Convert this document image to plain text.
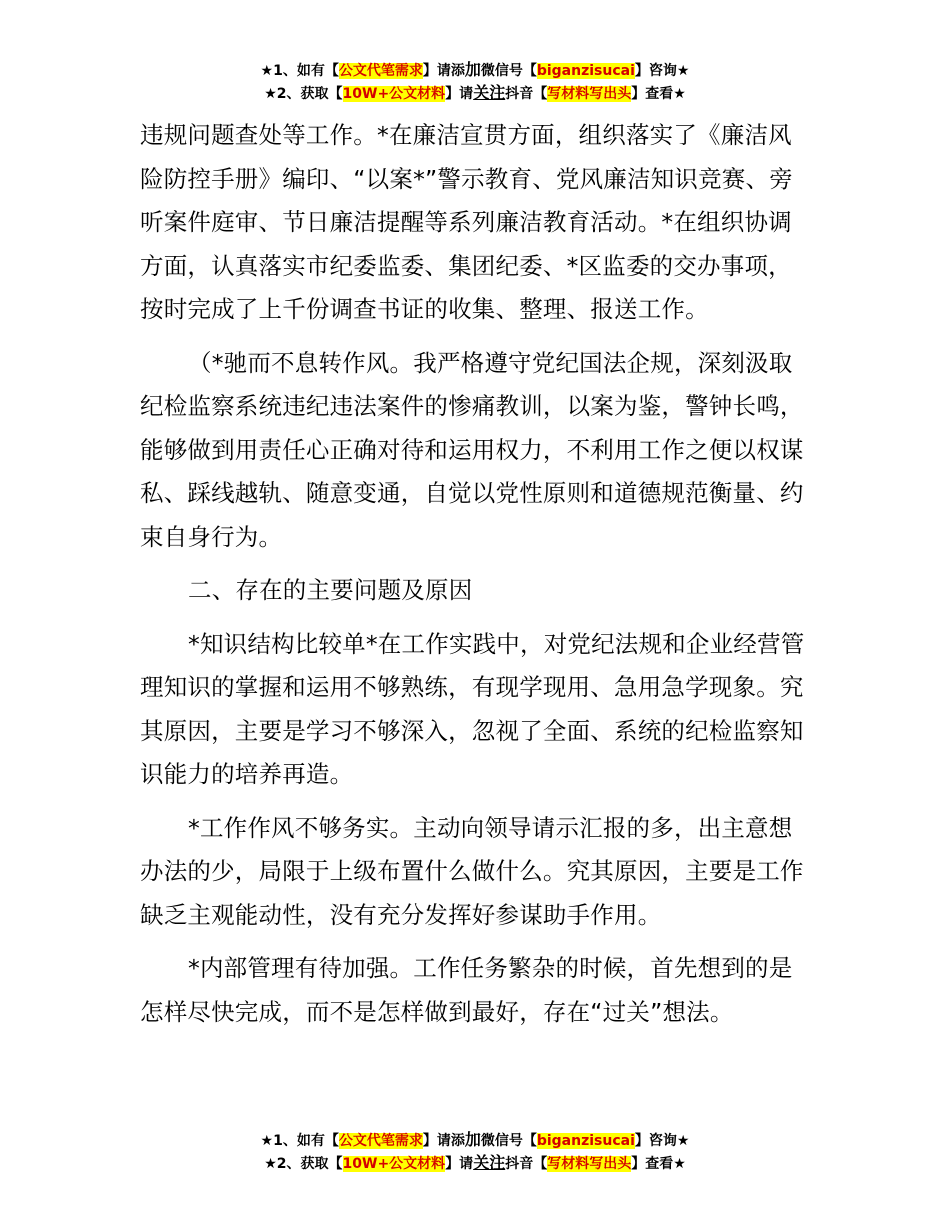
★1、如有【公文代笔需求】请添加微信号【biganzisucai】咨询★
★2、获取【10W+公文材料】请关注抖音【写材料写出头】查看★

违规问题查处等工作。*在廉洁宣贯方面，组织落实了《廉洁风险防控手册》编印、“以案*”警示教育、党风廉洁知识竞赛、旁听案件庭审、节日廉洁提醒等系列廉洁教育活动。*在组织协调方面，认真落实市纪委监委、集团纪委、*区监委的交办事项，按时完成了上千份调查书证的收集、整理、报送工作。

（*驰而不息转作风。我严格遵守党纪国法企规，深刻汲取纪检监察系统违纪违法案件的惨痛教训，以案为鉴，警钟长鸣，能够做到用责任心正确对待和运用权力，不利用工作之便以权谋私、踩线越轨、随意变通，自觉以党性原则和道德规范衡量、约束自身行为。

二、存在的主要问题及原因

*知识结构比较单*在工作实践中，对党纪法规和企业经营管理知识的掌握和运用不够熟练，有现学现用、急用急学现象。究其原因，主要是学习不够深入，忽视了全面、系统的纪检监察知识能力的培养再造。

*工作作风不够务实。主动向领导请示汇报的多，出主意想办法的少，局限于上级布置什么做什么。究其原因，主要是工作缺乏主观能动性，没有充分发挥好参谋助手作用。

*内部管理有待加强。工作任务繁杂的时候，首先想到的是怎样尽快完成，而不是怎样做到最好，存在“过关”想法。

★1、如有【公文代笔需求】请添加微信号【biganzisucai】咨询★
★2、获取【10W+公文材料】请关注抖音【写材料写出头】查看★
